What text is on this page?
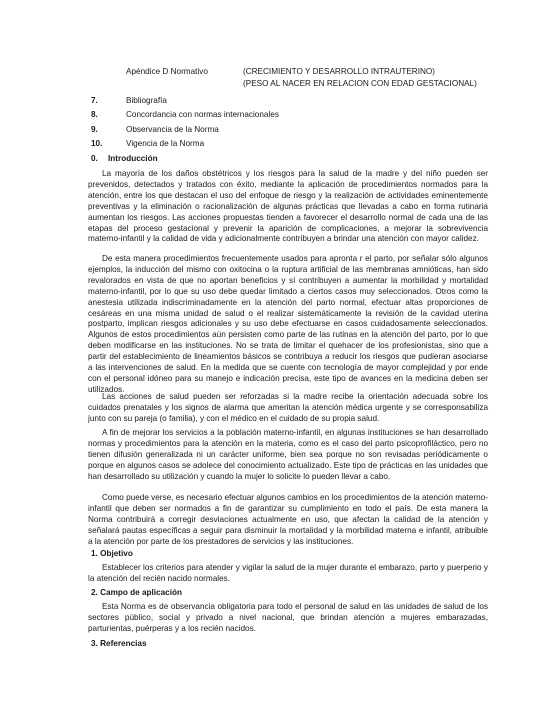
Apéndice D Normativo	(CRECIMIENTO Y DESARROLLO INTRAUTERINO)
(PESO AL NACER EN RELACION CON EDAD GESTACIONAL)
7.	Bibliografía
8.	Concordancia con normas internacionales
9.	Observancia de la Norma
10.	Vigencia de la Norma
0. Introducción

La mayoría de los daños obstétricos y los riesgos para la salud de la madre y del niño pueden ser prevenidos, detectados y tratados con éxito, mediante la aplicación de procedimientos normados para la atención, entre los que destacan el uso del enfoque de riesgo y la realización de actividades eminentemente preventivas y la eliminación o racionalización de algunas prácticas que llevadas a cabo en forma rutinaria aumentan los riesgos. Las acciones propuestas tienden a favorecer el desarrollo normal de cada una de las etapas del proceso gestacional y prevenir la aparición de complicaciones, a mejorar la sobrevivencia materno-infantil y la calidad de vida y adicionalmente contribuyen a brindar una atención con mayor calidez.

De esta manera procedimientos frecuentemente usados para apronta r el parto, por señalar sólo algunos ejemplos, la inducción del mismo con oxitocina o la ruptura artificial de las membranas amnióticas, han sido revalorados en vista de que no aportan beneficios y sí contribuyen a aumentar la morbilidad y mortalidad materno-infantil, por lo que su uso debe quedar limitado a ciertos casos muy seleccionados. Otros como la anestesia utilizada indiscriminadamente en la atención del parto normal, efectuar altas proporciones de cesáreas en una misma unidad de salud o el realizar sistemáticamente la revisión de la cavidad uterina postparto, implican riesgos adicionales y su uso debe efectuarse en casos cuidadosamente seleccionados. Algunos de estos procedimientos aún persisten como parte de las rutinas en la atención del parto, por lo que deben modificarse en las instituciones. No se trata de limitar el quehacer de los profesionistas, sino que a partir del establecimiento de lineamientos básicos se contribuya a reducir los riesgos que pudieran asociarse a las intervenciones de salud. En la medida que se cuente con tecnología de mayor complejidad y por ende con el personal idóneo para su manejo e indicación precisa, este tipo de avances en la medicina deben ser utilizados.

Las acciones de salud pueden ser reforzadas si la madre recibe la orientación adecuada sobre los cuidados prenatales y los signos de alarma que ameritan la atención médica urgente y se corresponsabiliza junto con su pareja (o familia), y con el médico en el cuidado de su propia salud.

A fin de mejorar los servicios a la población materno-infantil, en algunas instituciones se han desarrollado normas y procedimientos para la atención en la materia, como es el caso del parto psicoprofiláctico, pero no tienen difusión generalizada ni un carácter uniforme, bien sea porque no son revisadas periódicamente o porque en algunos casos se adolece del conocimiento actualizado. Este tipo de prácticas en las unidades que han desarrollado su utilización y cuando la mujer lo solicite lo pueden llevar a cabo.

Como puede verse, es necesario efectuar algunos cambios en los procedimientos de la atención materno-infantil que deben ser normados a fin de garantizar su cumplimiento en todo el país. De esta manera la Norma contribuirá a corregir desviaciones actualmente en uso, que afectan la calidad de la atención y señalará pautas específicas a seguir para disminuir la mortalidad y la morbilidad materna e infantil, atribuible a la atención por parte de los prestadores de servicios y las instituciones.

1. Objetivo

Establecer los criterios para atender y vigilar la salud de la mujer durante el embarazo, parto y puerperio y la atención del recién nacido normales.

2. Campo de aplicación

Esta Norma es de observancia obligatoria para todo el personal de salud en las unidades de salud de los sectores público, social y privado a nivel nacional, que brindan atención a mujeres embarazadas, parturientas, puérperas y a los recién nacidos.

3. Referencias
